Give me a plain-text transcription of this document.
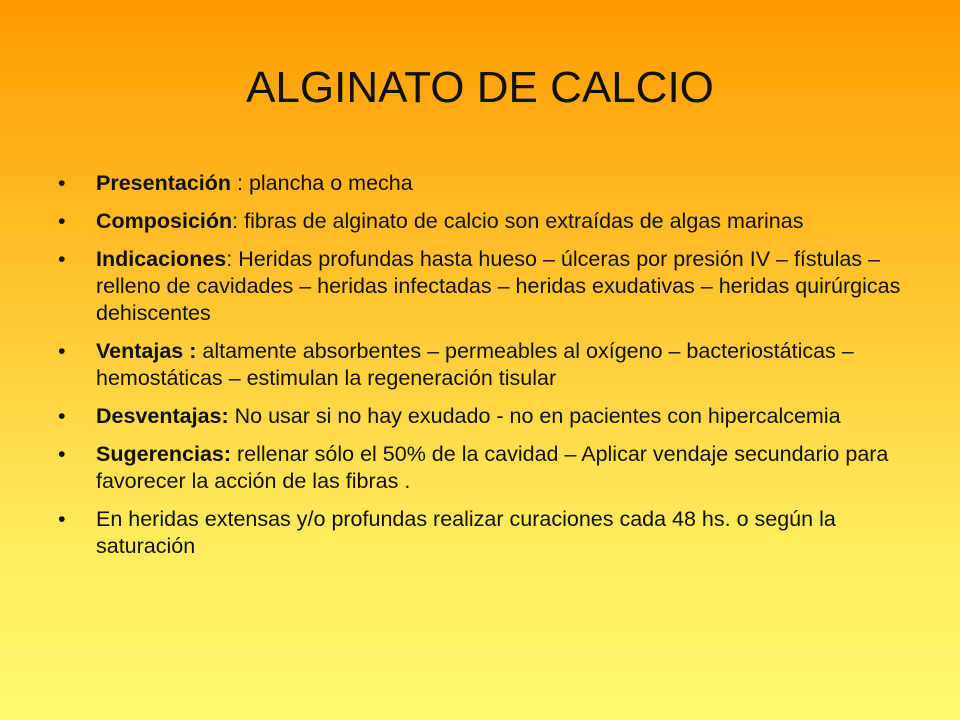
ALGINATO DE CALCIO
• Presentación : plancha o mecha
• Composición: fibras de alginato de calcio son extraídas de algas marinas
• Indicaciones: Heridas profundas hasta hueso – úlceras por presión IV – fístulas – relleno de cavidades – heridas infectadas – heridas exudativas – heridas quirúrgicas dehiscentes
• Ventajas : altamente absorbentes – permeables al oxígeno – bacteriostáticas – hemostáticas – estimulan la regeneración tisular
• Desventajas: No usar si no hay exudado - no en pacientes con hipercalcemia
• Sugerencias: rellenar sólo el 50% de la cavidad – Aplicar vendaje secundario para favorecer la acción de las fibras .
• En heridas extensas y/o profundas realizar curaciones cada 48 hs. o según la saturación
